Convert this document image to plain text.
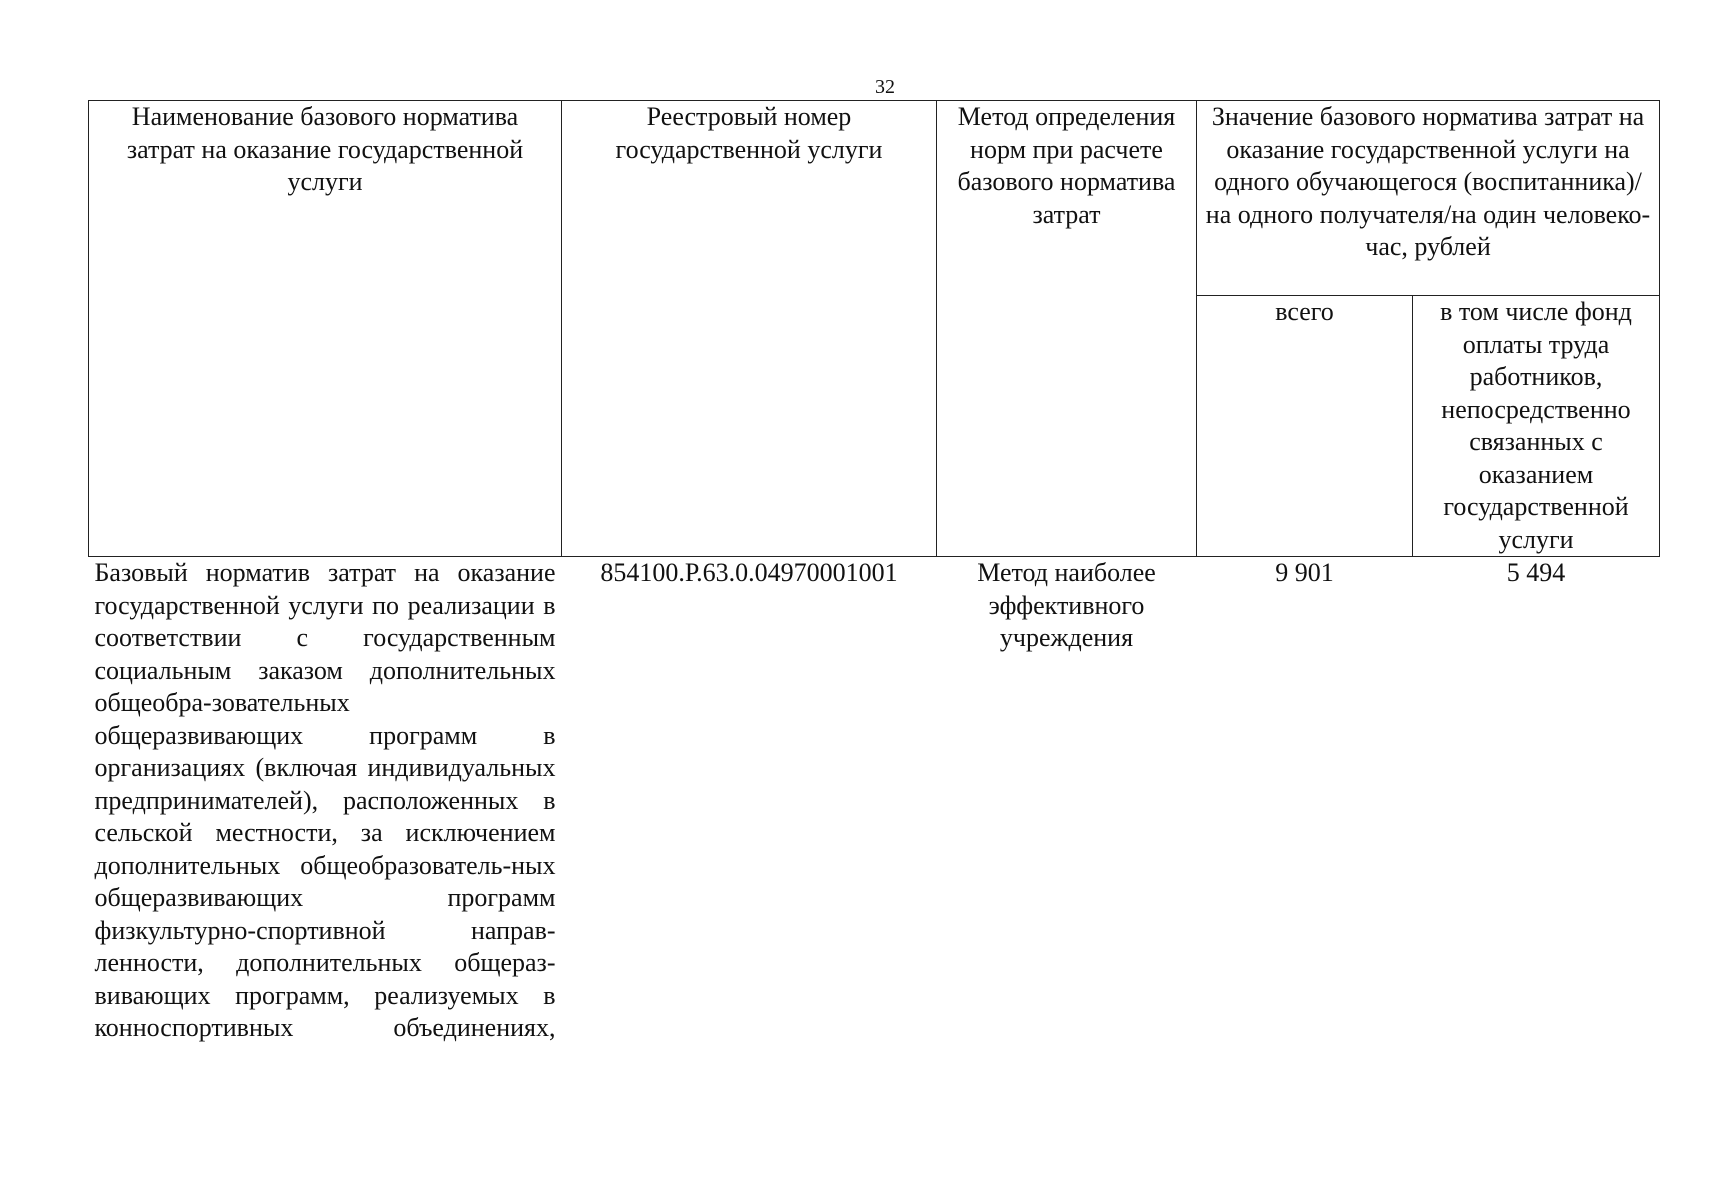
32
Наименование базового норматива затрат на оказание государственной услуги	Реестровый номер государственной услуги	Метод определения норм при расчете базового норматива затрат	Значение базового норматива затрат на оказание государственной услуги на одного обучающегося (воспитанника)/на одного получателя/на один человеко-час, рублей	
			всего	в том числе фонд оплаты труда работников, непосредственно связанных с оказанием государственной услуги
Базовый норматив затрат на оказание государственной услуги по реализации в соответствии с государственным социальным заказом дополнительных общеобра-зовательных общеразвивающих программ в организациях (включая индивидуальных предпринимателей), расположенных в сельской местности, за исключением дополнительных общеобразователь-ных общеразвивающих программ физкультурно-спортивной направ-ленности, дополнительных общераз-вивающих программ, реализуемых в конноспортивных объединениях,	854100.Р.63.0.04970001001	Метод наиболее эффективного учреждения	9 901	5 494
